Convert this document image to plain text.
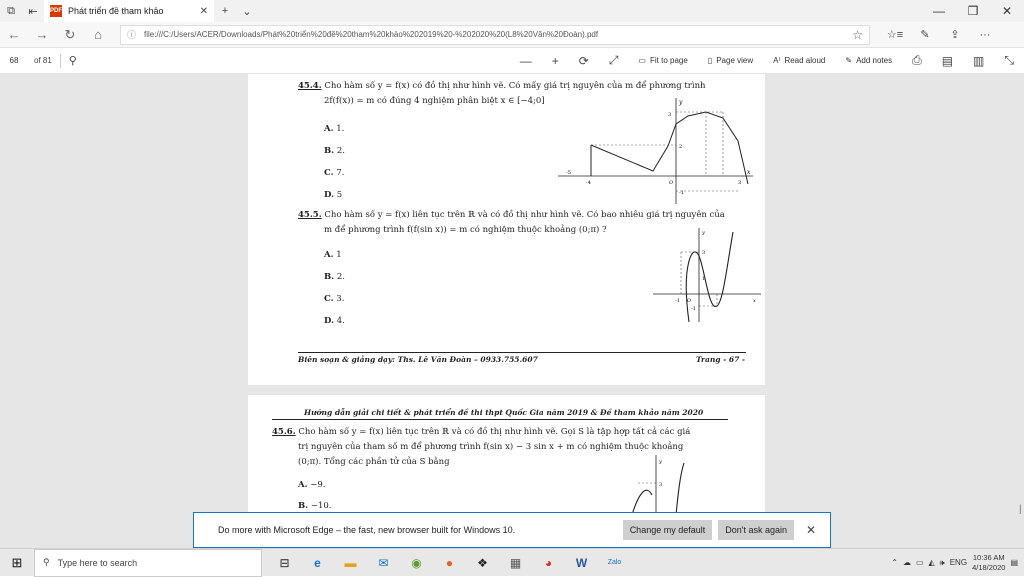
⧉	⇤	PDF Phát triển đề tham khảo	✕	+	⌄	—	❐	✕
←	→	↻	⌂	ⓘ file:///C:/Users/ACER/Downloads/Phát%20triển%20đề%20tham%20khảo%202019%20-%202020%20(L8%20Văn%20Đoàn).pdf	☆	☆≡	✎	⇪	···
68	of 81 ⚲	— + ⟳ ⤢	▭ Fit to page	▯ Page view	A⁾ Read aloud	✎ Add notes ⎙ ▤ ▥ ⤡
45.4. Cho hàm số y = f(x) có đồ thị như hình vẽ. Có mấy giá trị nguyên của m để phương trình
2f(f(x)) = m có đúng 4 nghiệm phân biệt x ∈ [−4;0]
A. 1.
B. 2.
C. 7.
D. 5
y
x
3
2
-1
-5
-4	O	3
45.5. Cho hàm số y = f(x) liên tục trên ℝ và có đồ thị như hình vẽ. Có bao nhiêu giá trị nguyên của
m để phương trình f(f(sin x)) = m có nghiệm thuộc khoảng (0;π) ?
A. 1
B. 2.
C. 3.
D. 4.
y
x
3
1
-1 O
-1
Biên soạn & giảng dạy: Ths. Lê Văn Đoàn – 0933.755.607	Trang - 67 -
Hướng dẫn giải chi tiết & phát triển đề thi thpt Quốc Gia năm 2019 & Đề tham khảo năm 2020
45.6. Cho hàm số y = f(x) liên tục trên ℝ và có đồ thị như hình vẽ. Gọi S là tập hợp tất cả các giá
trị nguyên của tham số m để phương trình f(sin x) − 3 sin x + m có nghiệm thuộc khoảng
(0;π). Tổng các phần tử của S bằng
A. −9.
B. −10.
y
3
|
Do more with Microsoft Edge – the fast, new browser built for Windows 10.	Change my default	Don't ask again	✕
⊞	⚲ Type here to search	⊟	e	▬	✉	◉	●	❖	▦	◕	W	Zalo	⌃ ☁ ▭ ◭ 🕪 ENG
10:36 AM
4/18/2020 ▤
